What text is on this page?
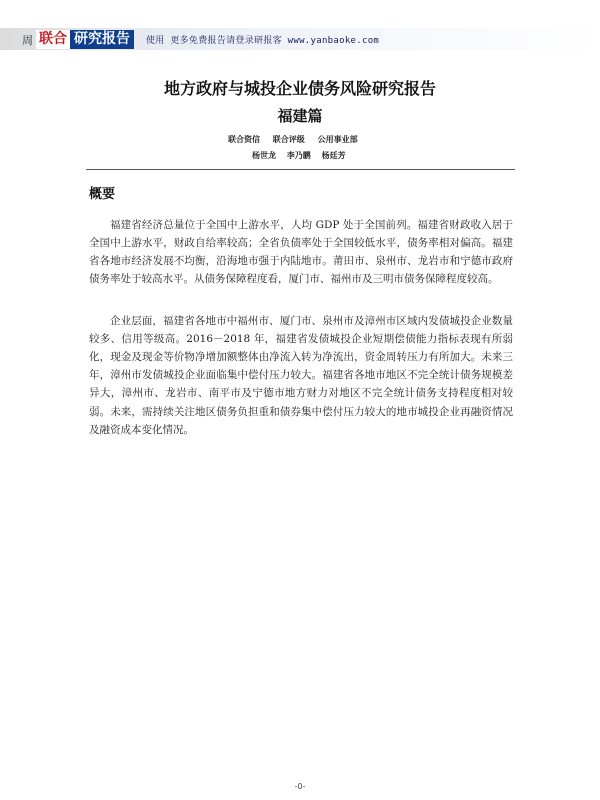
周 联合 研究报告	使用 更多免费报告请登录研报客 www.yanbaoke.com
地方政府与城投企业债务风险研究报告
福建篇
联合资信 联合评级 公用事业部
杨世龙 李乃鹏 杨廷芳
概要

福建省经济总量位于全国中上游水平，人均 GDP 处于全国前列。福建省财政收入居于全国中上游水平，财政自给率较高；全省负债率处于全国较低水平，债务率相对偏高。福建省各地市经济发展不均衡，沿海地市强于内陆地市。莆田市、泉州市、龙岩市和宁德市政府债务率处于较高水平。从债务保障程度看，厦门市、福州市及三明市债务保障程度较高。

企业层面，福建省各地市中福州市、厦门市、泉州市及漳州市区域内发债城投企业数量较多、信用等级高。2016－2018 年，福建省发债城投企业短期偿债能力指标表现有所弱化，现金及现金等价物净增加额整体由净流入转为净流出，资金周转压力有所加大。未来三年，漳州市发债城投企业面临集中偿付压力较大。福建省各地市地区不完全统计债务规模差异大，漳州市、龙岩市、南平市及宁德市地方财力对地区不完全统计债务支持程度相对较弱。未来，需持续关注地区债务负担重和债券集中偿付压力较大的地市城投企业再融资情况及融资成本变化情况。

-0-
